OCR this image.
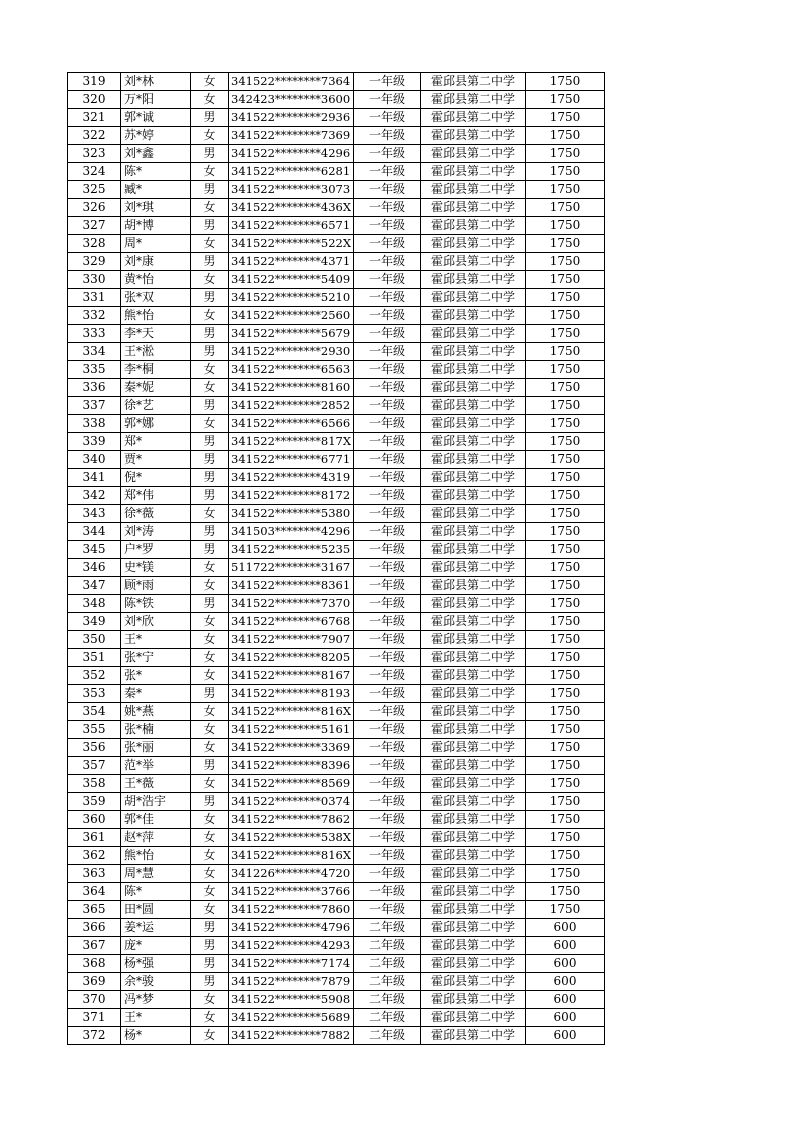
319	刘*林	女	341522********7364	一年级	霍邱县第二中学	1750
320	万*阳	女	342423********3600	一年级	霍邱县第二中学	1750
321	郭*诚	男	341522********2936	一年级	霍邱县第二中学	1750
322	苏*婷	女	341522********7369	一年级	霍邱县第二中学	1750
323	刘*鑫	男	341522********4296	一年级	霍邱县第二中学	1750
324	陈*	女	341522********6281	一年级	霍邱县第二中学	1750
325	臧*	男	341522********3073	一年级	霍邱县第二中学	1750
326	刘*琪	女	341522********436X	一年级	霍邱县第二中学	1750
327	胡*博	男	341522********6571	一年级	霍邱县第二中学	1750
328	周*	女	341522********522X	一年级	霍邱县第二中学	1750
329	刘*康	男	341522********4371	一年级	霍邱县第二中学	1750
330	黄*怡	女	341522********5409	一年级	霍邱县第二中学	1750
331	张*双	男	341522********5210	一年级	霍邱县第二中学	1750
332	熊*怡	女	341522********2560	一年级	霍邱县第二中学	1750
333	李*天	男	341522********5679	一年级	霍邱县第二中学	1750
334	王*淞	男	341522********2930	一年级	霍邱县第二中学	1750
335	李*桐	女	341522********6563	一年级	霍邱县第二中学	1750
336	秦*妮	女	341522********8160	一年级	霍邱县第二中学	1750
337	徐*艺	男	341522********2852	一年级	霍邱县第二中学	1750
338	郭*娜	女	341522********6566	一年级	霍邱县第二中学	1750
339	郑*	男	341522********817X	一年级	霍邱县第二中学	1750
340	贾*	男	341522********6771	一年级	霍邱县第二中学	1750
341	倪*	男	341522********4319	一年级	霍邱县第二中学	1750
342	郑*伟	男	341522********8172	一年级	霍邱县第二中学	1750
343	徐*薇	女	341522********5380	一年级	霍邱县第二中学	1750
344	刘*涛	男	341503********4296	一年级	霍邱县第二中学	1750
345	户*罗	男	341522********5235	一年级	霍邱县第二中学	1750
346	史*镁	女	511722********3167	一年级	霍邱县第二中学	1750
347	顾*雨	女	341522********8361	一年级	霍邱县第二中学	1750
348	陈*铁	男	341522********7370	一年级	霍邱县第二中学	1750
349	刘*欣	女	341522********6768	一年级	霍邱县第二中学	1750
350	王*	女	341522********7907	一年级	霍邱县第二中学	1750
351	张*宁	女	341522********8205	一年级	霍邱县第二中学	1750
352	张*	女	341522********8167	一年级	霍邱县第二中学	1750
353	秦*	男	341522********8193	一年级	霍邱县第二中学	1750
354	姚*燕	女	341522********816X	一年级	霍邱县第二中学	1750
355	张*楠	女	341522********5161	一年级	霍邱县第二中学	1750
356	张*丽	女	341522********3369	一年级	霍邱县第二中学	1750
357	范*举	男	341522********8396	一年级	霍邱县第二中学	1750
358	王*薇	女	341522********8569	一年级	霍邱县第二中学	1750
359	胡*浩宇	男	341522********0374	一年级	霍邱县第二中学	1750
360	郭*佳	女	341522********7862	一年级	霍邱县第二中学	1750
361	赵*萍	女	341522********538X	一年级	霍邱县第二中学	1750
362	熊*怡	女	341522********816X	一年级	霍邱县第二中学	1750
363	周*慧	女	341226********4720	一年级	霍邱县第二中学	1750
364	陈*	女	341522********3766	一年级	霍邱县第二中学	1750
365	田*圆	女	341522********7860	一年级	霍邱县第二中学	1750
366	姜*运	男	341522********4796	二年级	霍邱县第二中学	600
367	庞*	男	341522********4293	二年级	霍邱县第二中学	600
368	杨*强	男	341522********7174	二年级	霍邱县第二中学	600
369	余*骏	男	341522********7879	二年级	霍邱县第二中学	600
370	冯*梦	女	341522********5908	二年级	霍邱县第二中学	600
371	王*	女	341522********5689	二年级	霍邱县第二中学	600
372	杨*	女	341522********7882	二年级	霍邱县第二中学	600
